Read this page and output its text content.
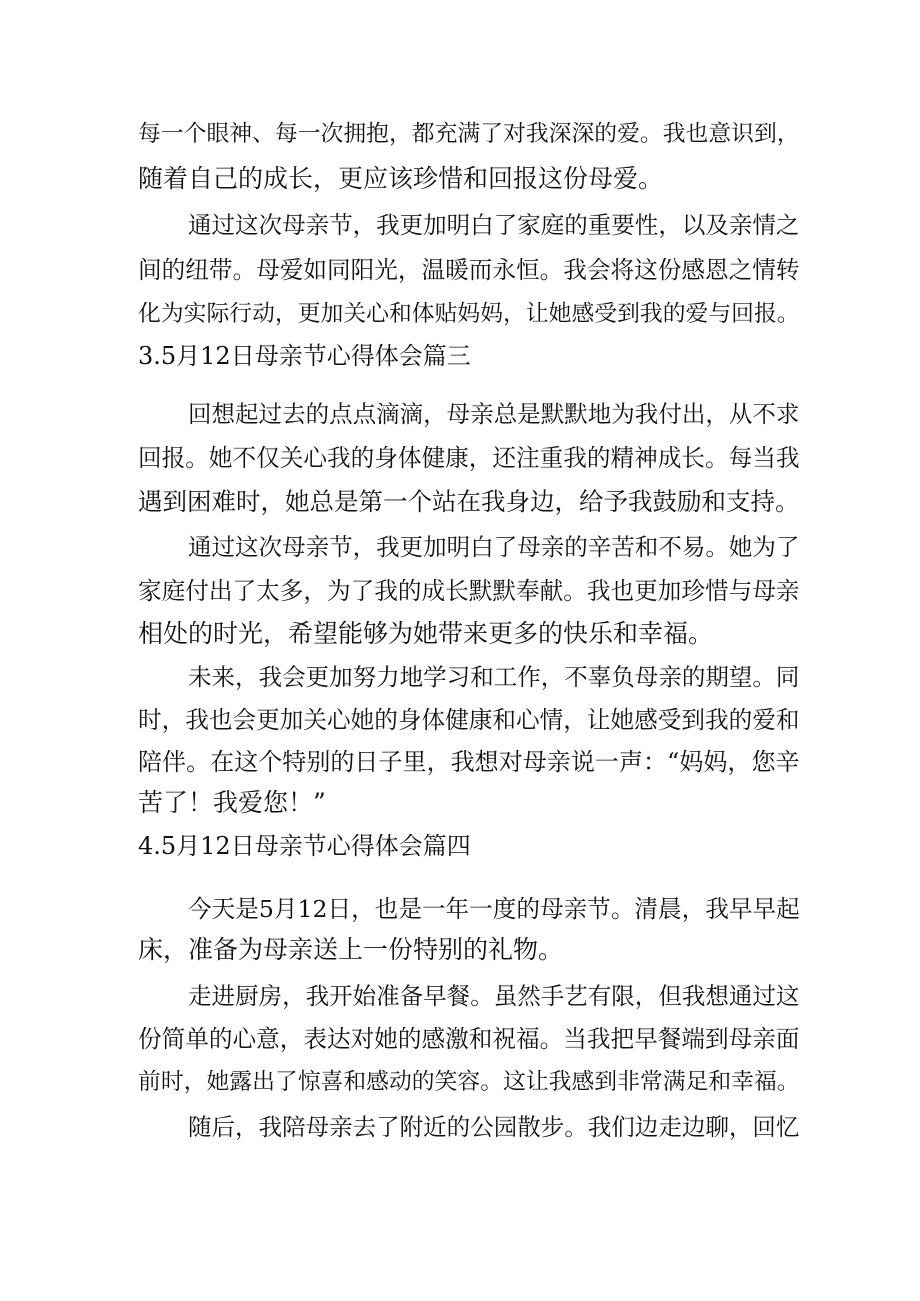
每一个眼神、每一次拥抱，都充满了对我深深的爱。我也意识到，
随着自己的成长，更应该珍惜和回报这份母爱。
通过这次母亲节，我更加明白了家庭的重要性，以及亲情之
间的纽带。母爱如同阳光，温暖而永恒。我会将这份感恩之情转
化为实际行动，更加关心和体贴妈妈，让她感受到我的爱与回报。
3.5月12日母亲节心得体会篇三
回想起过去的点点滴滴，母亲总是默默地为我付出，从不求
回报。她不仅关心我的身体健康，还注重我的精神成长。每当我
遇到困难时，她总是第一个站在我身边，给予我鼓励和支持。
通过这次母亲节，我更加明白了母亲的辛苦和不易。她为了
家庭付出了太多，为了我的成长默默奉献。我也更加珍惜与母亲
相处的时光，希望能够为她带来更多的快乐和幸福。
未来，我会更加努力地学习和工作，不辜负母亲的期望。同
时，我也会更加关心她的身体健康和心情，让她感受到我的爱和
陪伴。在这个特别的日子里，我想对母亲说一声：“妈妈，您辛
苦了！我爱您！”
4.5月12日母亲节心得体会篇四
今天是5月12日，也是一年一度的母亲节。清晨，我早早起
床，准备为母亲送上一份特别的礼物。
走进厨房，我开始准备早餐。虽然手艺有限，但我想通过这
份简单的心意，表达对她的感激和祝福。当我把早餐端到母亲面
前时，她露出了惊喜和感动的笑容。这让我感到非常满足和幸福。
随后，我陪母亲去了附近的公园散步。我们边走边聊，回忆
